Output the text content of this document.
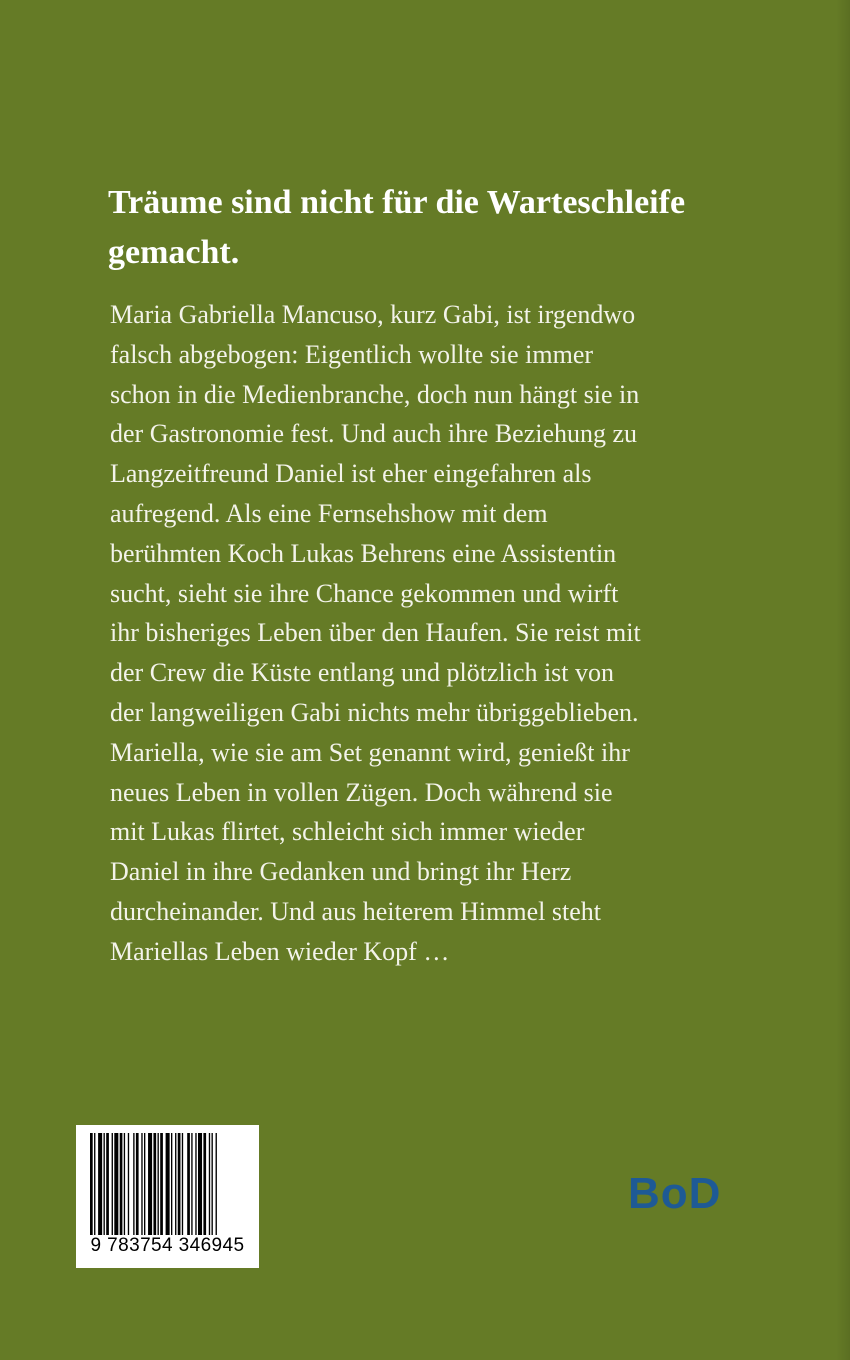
Träume sind nicht für die Warteschleife
gemacht.

Maria Gabriella Mancuso, kurz Gabi, ist irgendwo
falsch abgebogen: Eigentlich wollte sie immer
schon in die Medienbranche, doch nun hängt sie in
der Gastronomie fest. Und auch ihre Beziehung zu
Langzeitfreund Daniel ist eher eingefahren als
aufregend. Als eine Fernsehshow mit dem
berühmten Koch Lukas Behrens eine Assistentin
sucht, sieht sie ihre Chance gekommen und wirft
ihr bisheriges Leben über den Haufen. Sie reist mit
der Crew die Küste entlang und plötzlich ist von
der langweiligen Gabi nichts mehr übriggeblieben.
Mariella, wie sie am Set genannt wird, genießt ihr
neues Leben in vollen Zügen. Doch während sie
mit Lukas flirtet, schleicht sich immer wieder
Daniel in ihre Gedanken und bringt ihr Herz
durcheinander. Und aus heiterem Himmel steht
Mariellas Leben wieder Kopf …

9 783754 346945
BoD
